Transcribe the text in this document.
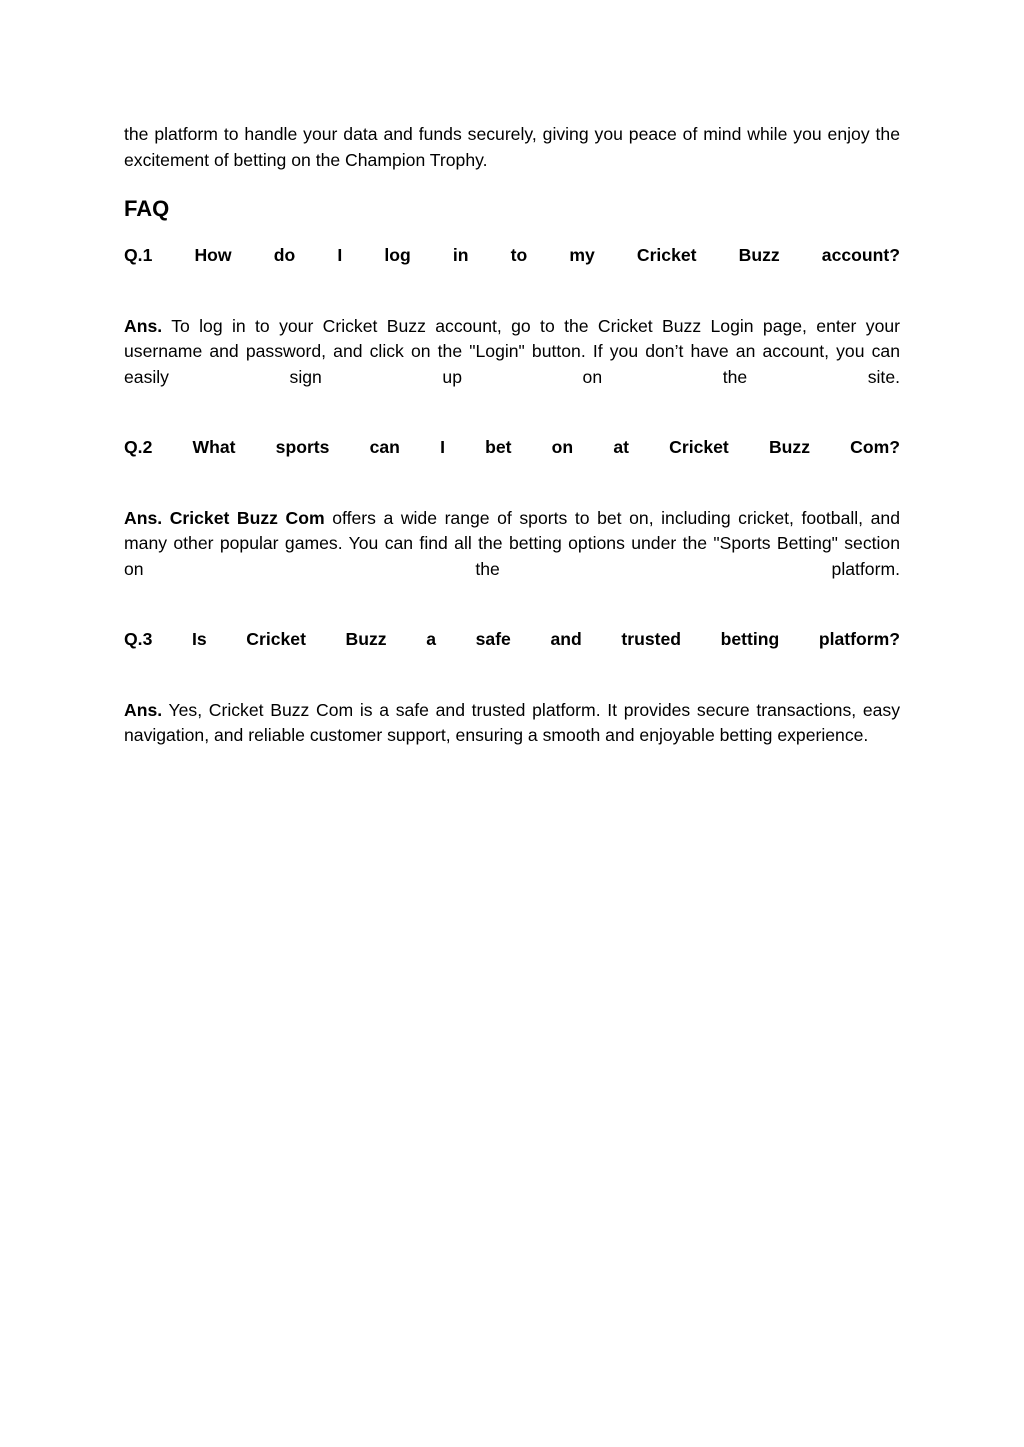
the platform to handle your data and funds securely, giving you peace of mind while you enjoy the excitement of betting on the Champion Trophy.

FAQ

Q.1 How do I log in to my Cricket Buzz account?

Ans. To log in to your Cricket Buzz account, go to the Cricket Buzz Login page, enter your username and password, and click on the "Login" button. If you don’t have an account, you can easily sign up on the site.

Q.2 What sports can I bet on at Cricket Buzz Com?

Ans. Cricket Buzz Com offers a wide range of sports to bet on, including cricket, football, and many other popular games. You can find all the betting options under the "Sports Betting" section on the platform.

Q.3 Is Cricket Buzz a safe and trusted betting platform?

Ans. Yes, Cricket Buzz Com is a safe and trusted platform. It provides secure transactions, easy navigation, and reliable customer support, ensuring a smooth and enjoyable betting experience.
